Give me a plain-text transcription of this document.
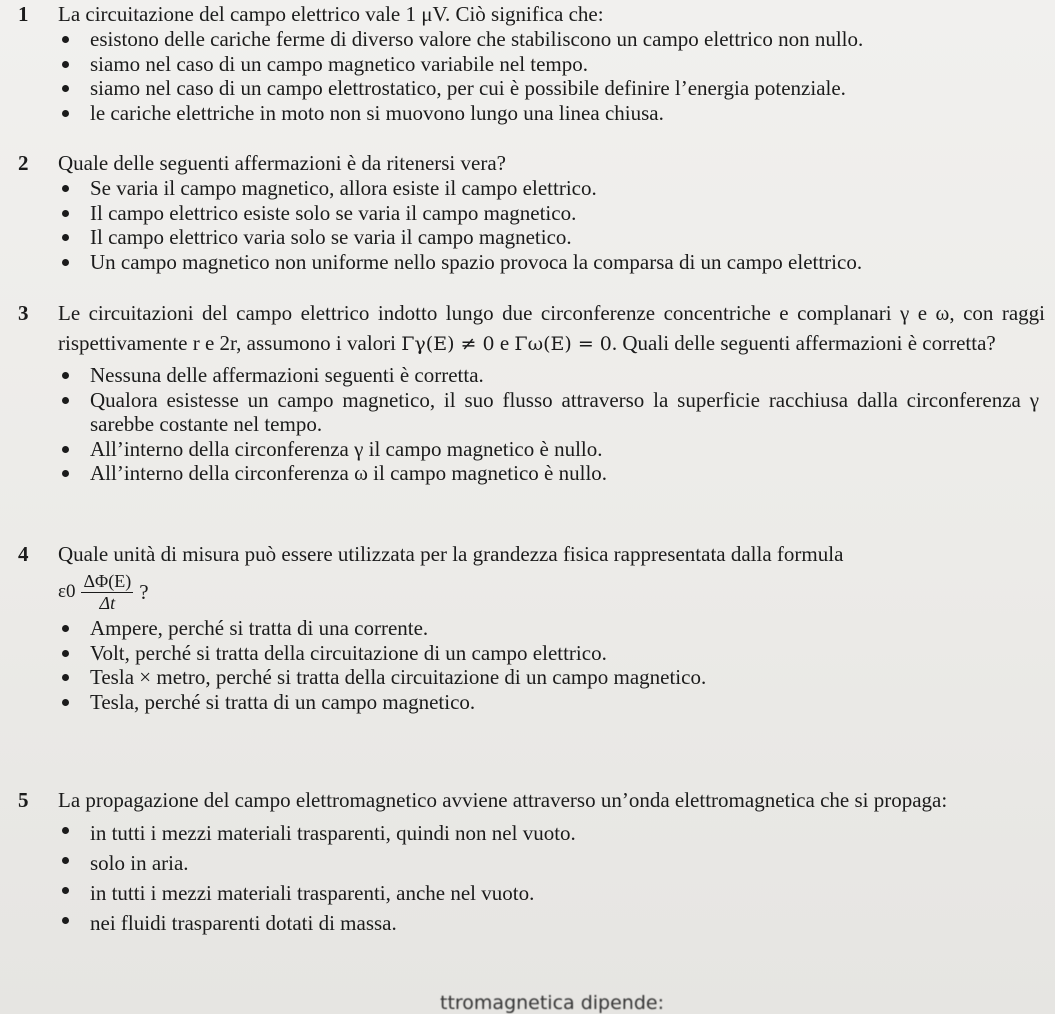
1	La circuitazione del campo elettrico vale 1 μV. Ciò significa che:
esistono delle cariche ferme di diverso valore che stabiliscono un campo elettrico non nullo.
siamo nel caso di un campo magnetico variabile nel tempo.
siamo nel caso di un campo elettrostatico, per cui è possibile definire l’energia potenziale.
le cariche elettriche in moto non si muovono lungo una linea chiusa.
2	Quale delle seguenti affermazioni è da ritenersi vera?
Se varia il campo magnetico, allora esiste il campo elettrico.
Il campo elettrico esiste solo se varia il campo magnetico.
Il campo elettrico varia solo se varia il campo magnetico.
Un campo magnetico non uniforme nello spazio provoca la comparsa di un campo elettrico.
3	Le circuitazioni del campo elettrico indotto lungo due circonferenze concentriche e complanari γ e ω, con raggi rispettivamente r e 2r, assumono i valori Γγ(E) ≠ 0 e Γω(E) = 0. Quali delle seguenti affermazioni è corretta?
Nessuna delle affermazioni seguenti è corretta.
Qualora esistesse un campo magnetico, il suo flusso attraverso la superficie racchiusa dalla circonferenza γ sarebbe costante nel tempo.
All’interno della circonferenza γ il campo magnetico è nullo.
All’interno della circonferenza ω il campo magnetico è nullo.
4	Quale unità di misura può essere utilizzata per la grandezza fisica rappresentata dalla formula
$\varepsilon 0 \frac{\Delta\Phi(E)}{\Delta t}$ ?
Ampere, perché si tratta di una corrente.
Volt, perché si tratta della circuitazione di un campo elettrico.
Tesla × metro, perché si tratta della circuitazione di un campo magnetico.
Tesla, perché si tratta di un campo magnetico.
5	La propagazione del campo elettromagnetico avviene attraverso un’onda elettromagnetica che si propaga:
in tutti i mezzi materiali trasparenti, quindi non nel vuoto.
solo in aria.
in tutti i mezzi materiali trasparenti, anche nel vuoto.
nei fluidi trasparenti dotati di massa.
ttromagnetica dipende:
